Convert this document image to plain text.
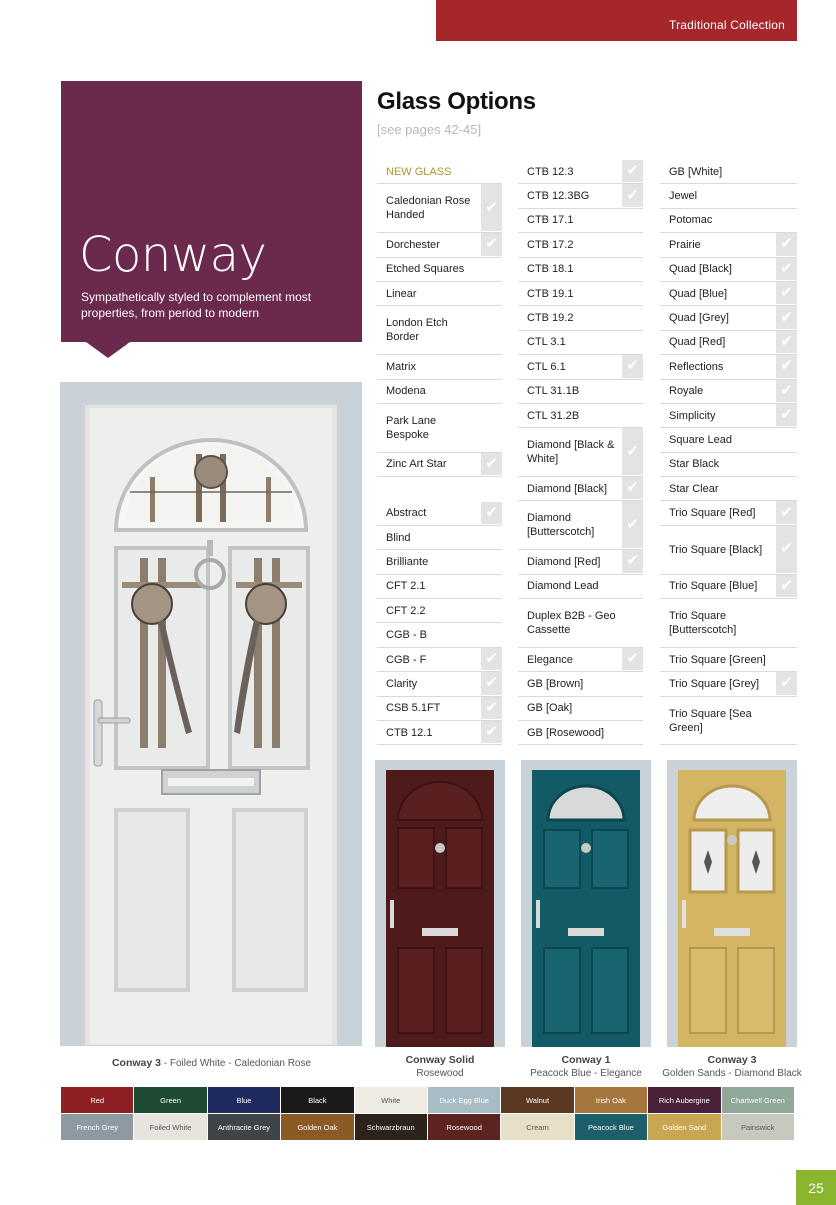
Traditional Collection
Conway
Sympathetically styled to complement most properties, from period to modern
Glass Options
[see pages 42-45]
NEW GLASS
Caledonian Rose Handed	✔
Dorchester	✔
Etched Squares
Linear
London Etch Border
Matrix
Modena
Park Lane Bespoke
Zinc Art Star	✔
Abstract	✔
Blind
Brilliante
CFT 2.1
CFT 2.2
CGB - B
CGB - F	✔
Clarity	✔
CSB 5.1FT	✔
CTB 12.1	✔
CTB 12.3	✔
CTB 12.3BG ✔
CTB 17.1
CTB 17.2
CTB 18.1
CTB 19.1
CTB 19.2
CTL 3.1
CTL 6.1	✔
CTL 31.1B
CTL 31.2B
Diamond [Black & White]	✔
Diamond [Black] ✔
Diamond [Butterscotch]	✔
Diamond [Red] ✔
Diamond Lead
Duplex B2B - Geo Cassette
Elegance	✔
GB [Brown]
GB [Oak]
GB [Rosewood]
GB [White]
Jewel
Potomac
Prairie	✔
Quad [Black]	✔
Quad [Blue]	✔
Quad [Grey]	✔
Quad [Red]	✔
Reflections	✔
Royale	✔
Simplicity	✔
Square Lead
Star Black
Star Clear
Trio Square [Red] ✔
Trio Square [Black] ✔
Trio Square [Blue] ✔
Trio Square [Butterscotch]
Trio Square [Green]
Trio Square [Grey] ✔
Trio Square [Sea Green]
Conway 3 - Foiled White - Caledonian Rose	Conway Solid
Rosewood
Conway 1
Peacock Blue - Elegance
Conway 3
Golden Sands - Diamond Black
Red	Green	Blue	Black	White	Duck Egg Blue	Walnut	Irish Oak	Rich Aubergine	Chartwell Green
French Grey	Foiled White	Anthracite Grey	Golden Oak	Schwarzbraun	Rosewood	Cream	Peacock Blue	Golden Sand	Painswick
25
